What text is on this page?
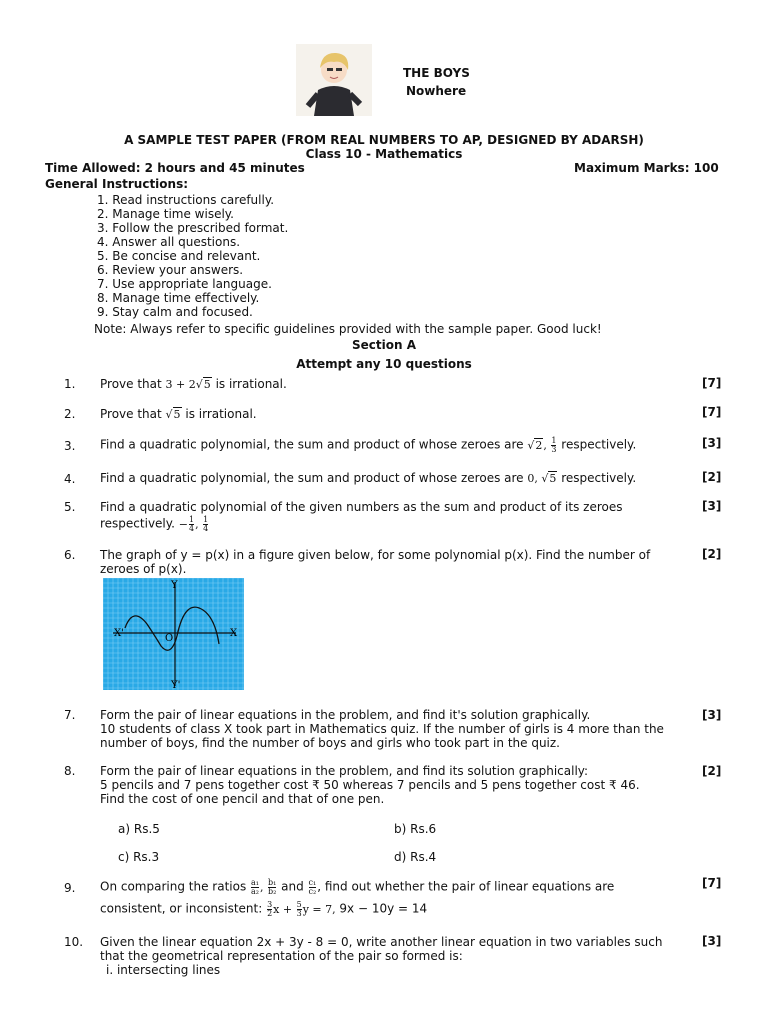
THE BOYS
Nowhere
A SAMPLE TEST PAPER (FROM REAL NUMBERS TO AP, DESIGNED BY ADARSH)
Class 10 - Mathematics
Time Allowed: 2 hours and 45 minutes	Maximum Marks: 100
General Instructions:
1. Read instructions carefully.
2. Manage time wisely.
3. Follow the prescribed format.
4. Answer all questions.
5. Be concise and relevant.
6. Review your answers.
7. Use appropriate language.
8. Manage time effectively.
9. Stay calm and focused.
Note: Always refer to specific guidelines provided with the sample paper. Good luck!
Section A
Attempt any 10 questions
1. Prove that 3 + 2√5 is irrational.	[7]
2. Prove that √5 is irrational.	[7]
3. Find a quadratic polynomial, the sum and product of whose zeroes are √2, $\frac{1}{3}$ respectively.	[3]
4. Find a quadratic polynomial, the sum and product of whose zeroes are 0, √5 respectively.	[2]
5. Find a quadratic polynomial of the given numbers as the sum and product of its zeroes
respectively. − $\frac{1}{4}$ , $\frac{1}{4}$
[3]
6. The graph of y = p(x) in a figure given below, for some polynomial p(x). Find the number of
zeroes of p(x).
[2]
X'	X
Y
Y'
O
7. Form the pair of linear equations in the problem, and find it's solution graphically.
10 students of class X took part in Mathematics quiz. If the number of girls is 4 more than the
number of boys, find the number of boys and girls who took part in the quiz.
[3]
8. Form the pair of linear equations in the problem, and find its solution graphically:
5 pencils and 7 pens together cost ₹ 50 whereas 7 pencils and 5 pens together cost ₹ 46.
Find the cost of one pencil and that of one pen.
[2]
a) Rs.5	b) Rs.6
c) Rs.3	d) Rs.4
9. On comparing the ratios $\frac{\text{a₁}}{\text{a₂}}$ , $\frac{\text{b₁}}{\text{b₂}}$ and $\frac{\text{c₁}}{\text{c₂}}$ , find out whether the pair of linear equations are
consistent, or inconsistent: $\frac{3}{2}$ $x + \frac{5}{3}$ y = 7, 9x − 10y = 14
[7]
10. Given the linear equation 2x + 3y - 8 = 0, write another linear equation in two variables such
that the geometrical representation of the pair so formed is:
i. intersecting lines
[3]
